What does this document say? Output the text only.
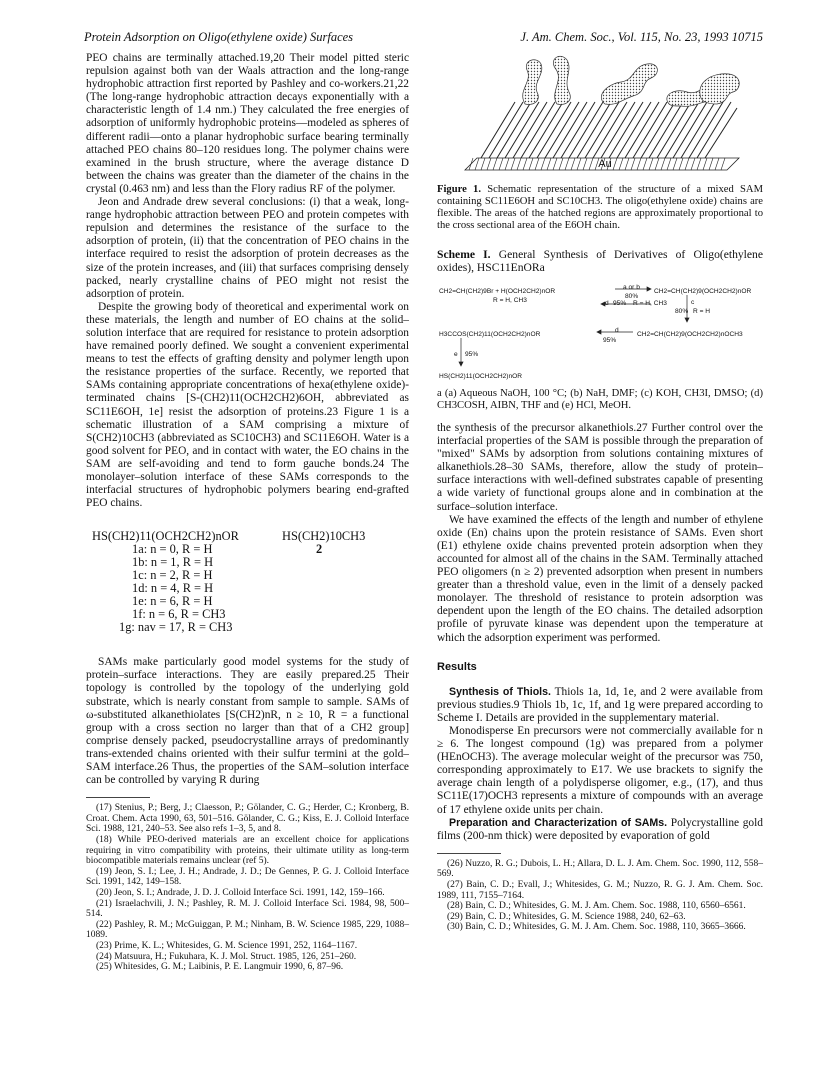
Protein Adsorption on Oligo(ethylene oxide) Surfaces	J. Am. Chem. Soc., Vol. 115, No. 23, 1993 10715

PEO chains are terminally attached.19,20 Their model pitted steric repulsion against both van der Waals attraction and the long-range hydrophobic attraction first reported by Pashley and co-workers.21,22 (The long-range hydrophobic attraction decays exponentially with a characteristic length of 1.4 nm.) They calculated the free energies of adsorption of uniformly hydrophobic proteins—modeled as spheres of different radii—onto a planar hydrophobic surface bearing terminally attached PEO chains 80–120 residues long. The polymer chains were examined in the brush structure, where the average distance D between the chains was greater than the diameter of the chains in the crystal (0.463 nm) and less than the Flory radius RF of the polymer.

Jeon and Andrade drew several conclusions: (i) that a weak, long-range hydrophobic attraction between PEO and protein competes with repulsion and determines the resistance of the surface to the adsorption of protein, (ii) that the concentration of PEO chains in the interface required to resist the adsorption of protein decreases as the size of the protein increases, and (iii) that surfaces comprising densely packed, nearly crystalline chains of PEO might not resist the adsorption of protein.

Despite the growing body of theoretical and experimental work on these materials, the length and number of EO chains at the solid–solution interface that are required for resistance to protein adsorption have remained poorly defined. We sought a convenient experimental means to test the effects of grafting density and polymer length upon the resistance properties of the surface. Recently, we reported that SAMs containing appropriate concentrations of hexa(ethylene oxide)-terminated chains [S-(CH2)11(OCH2CH2)6OH, abbreviated as SC11E6OH, 1e] resist the adsorption of proteins.23 Figure 1 is a schematic illustration of a SAM comprising a mixture of S(CH2)10CH3 (abbreviated as SC10CH3) and SC11E6OH. Water is a good solvent for PEO, and in contact with water, the EO chains in the SAM are self-avoiding and tend to form gauche bonds.24 The monolayer–solution interface of these SAMs corresponds to the interfacial structures of hydrophobic polymers bearing end-grafted PEO chains.

HS(CH2)11(OCH2CH2)nOR	HS(CH2)10CH3
2
1a: n = 0, R = H
1b: n = 1, R = H
1c: n = 2, R = H
1d: n = 4, R = H
1e: n = 6, R = H
1f: n = 6, R = CH3
1g: nav = 17, R = CH3

SAMs make particularly good model systems for the study of protein–surface interactions. They are easily prepared.25 Their topology is controlled by the topology of the underlying gold substrate, which is nearly constant from sample to sample. SAMs of ω-substituted alkanethiolates [S(CH2)nR, n ≥ 10, R = a functional group with a cross section no larger than that of a CH2 group] comprise densely packed, pseudocrystalline arrays of predominantly trans-extended chains oriented with their sulfur termini at the gold–SAM interface.26 Thus, the properties of the SAM–solution interface can be controlled by varying R during

(17) Stenius, P.; Berg, J.; Claesson, P.; Gölander, C. G.; Herder, C.; Kronberg, B. Croat. Chem. Acta 1990, 63, 501–516. Gölander, C. G.; Kiss, E. J. Colloid Interface Sci. 1988, 121, 240–53. See also refs 1–3, 5, and 8.
(18) While PEO-derived materials are an excellent choice for applications requiring in vitro compatibility with proteins, their ultimate utility as long-term biocompatible materials remains unclear (ref 5).
(19) Jeon, S. I.; Lee, J. H.; Andrade, J. D.; De Gennes, P. G. J. Colloid Interface Sci. 1991, 142, 149–158.
(20) Jeon, S. I.; Andrade, J. D. J. Colloid Interface Sci. 1991, 142, 159–166.
(21) Israelachvili, J. N.; Pashley, R. M. J. Colloid Interface Sci. 1984, 98, 500–514.
(22) Pashley, R. M.; McGuiggan, P. M.; Ninham, B. W. Science 1985, 229, 1088–1089.
(23) Prime, K. L.; Whitesides, G. M. Science 1991, 252, 1164–1167.
(24) Matsuura, H.; Fukuhara, K. J. Mol. Struct. 1985, 126, 251–260.
(25) Whitesides, G. M.; Laibinis, P. E. Langmuir 1990, 6, 87–96.
Au
Figure 1. Schematic representation of the structure of a mixed SAM containing SC11E6OH and SC10CH3. The oligo(ethylene oxide) chains are flexible. The areas of the hatched regions are approximately proportional to the cross sectional area of the E6OH chain.
Scheme I. General Synthesis of Derivatives of Oligo(ethylene oxides), HSC11EnORa
CH2=CH(CH2)9Br + H(OCH2CH2)nOR
a or b
80%
R = H, CH3
CH2=CH(CH2)9(OCH2CH2)nOR
d 95% R = H, CH3	c
80% R = H
H3CCOS(CH2)11(OCH2CH2)nOR
d
95%
CH2=CH(CH2)9(OCH2CH2)nOCH3
e 95%
HS(CH2)11(OCH2CH2)nOR
a (a) Aqueous NaOH, 100 °C; (b) NaH, DMF; (c) KOH, CH3I, DMSO; (d) CH3COSH, AIBN, THF and (e) HCl, MeOH.

the synthesis of the precursor alkanethiols.27 Further control over the interfacial properties of the SAM is possible through the preparation of "mixed" SAMs by adsorption from solutions containing mixtures of alkanethiols.28–30 SAMs, therefore, allow the study of protein–surface interactions with well-defined substrates capable of presenting a wide variety of functional groups alone and in combination at the surface–solution interface.

We have examined the effects of the length and number of ethylene oxide (En) chains upon the protein resistance of SAMs. Even short (E1) ethylene oxide chains prevented protein adsorption when they accounted for almost all of the chains in the SAM. Terminally attached PEO oligomers (n ≥ 2) prevented adsorption when present in numbers greater than a threshold value, even in the limit of a densely packed monolayer. The threshold of resistance to protein adsorption was dependent upon the length of the EO chains. The detailed adsorption profile of pyruvate kinase was dependent upon the temperature at which the adsorption experiment was performed.

Results

Synthesis of Thiols. Thiols 1a, 1d, 1e, and 2 were available from previous studies.9 Thiols 1b, 1c, 1f, and 1g were prepared according to Scheme I. Details are provided in the supplementary material.

Monodisperse En precursors were not commercially available for n ≥ 6. The longest compound (1g) was prepared from a polymer (HEnOCH3). The average molecular weight of the precursor was 750, corresponding approximately to E17. We use brackets to signify the average chain length of a polydisperse oligomer, e.g., (17), and thus SC11E(17)OCH3 represents a mixture of compounds with an average of 17 ethylene oxide units per chain.

Preparation and Characterization of SAMs. Polycrystalline gold films (200-nm thick) were deposited by evaporation of gold

(26) Nuzzo, R. G.; Dubois, L. H.; Allara, D. L. J. Am. Chem. Soc. 1990, 112, 558–569.
(27) Bain, C. D.; Evall, J.; Whitesides, G. M.; Nuzzo, R. G. J. Am. Chem. Soc. 1989, 111, 7155–7164.
(28) Bain, C. D.; Whitesides, G. M. J. Am. Chem. Soc. 1988, 110, 6560–6561.
(29) Bain, C. D.; Whitesides, G. M. Science 1988, 240, 62–63.
(30) Bain, C. D.; Whitesides, G. M. J. Am. Chem. Soc. 1988, 110, 3665–3666.
